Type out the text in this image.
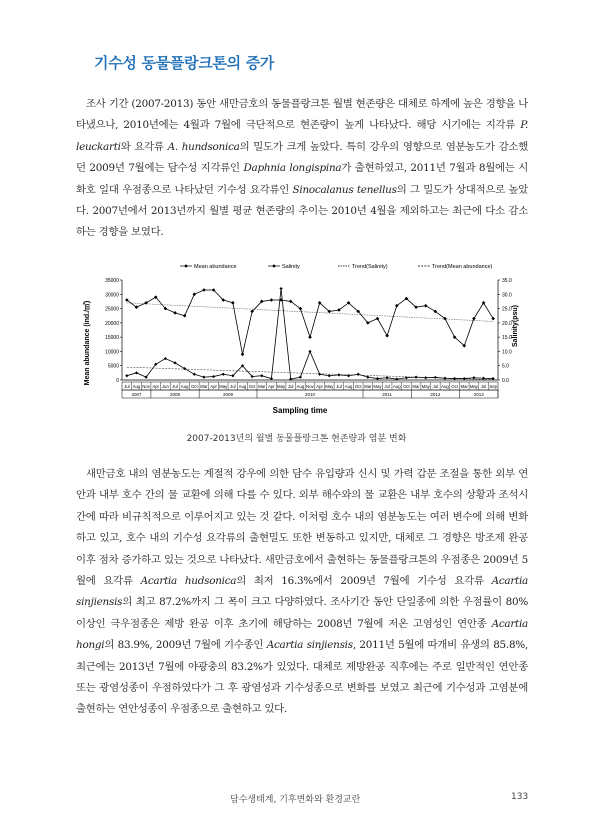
기수성 동물플랑크톤의 증가

조사 기간 (2007-2013) 동안 새만금호의 동물플랑크톤 월별 현존량은 대체로 하계에 높은 경향을 나타냈으나, 2010년에는 4월과 7월에 극단적으로 현존량이 높게 나타났다. 해당 시기에는 지각류 P. leuckarti와 요각류 A. hundsonica의 밀도가 크게 높았다. 특히 강우의 영향으로 염분농도가 감소했던 2009년 7월에는 담수성 지각류인 Daphnia longispina가 출현하였고, 2011년 7월과 8월에는 시화호 일대 우점종으로 나타났던 기수성 요각류인 Sinocalanus tenellus의 그 밀도가 상대적으로 높았다. 2007년에서 2013년까지 월별 평균 현존량의 추이는 2010년 4월을 제외하고는 최근에 다소 감소하는 경향을 보였다.

Mean abundance	Salinity	Trend(Salinity)	Trend(Mean abundance)
35000
30000
25000
20000
15000
10000
5000
0
35.0
30.0
25.0
20.0
15.0
10.0
5.0
0.0
Jul Aug Nov Apr Jun Jul Aug Oct Mar Apr May Jul Aug Oct Mar Apr May Jul Aug Nov Apr May Jul Aug Oct Mar May Jul Aug Oct Mar May Jul Aug Oct Mar May Jul Sep
2007	2008	2009	2010	2011	2012	2013
Mean abundance (ind./㎥)	Salinity(psu)
Sampling time
2007-2013년의 월별 동물플랑크톤 현존량과 염분 변화

새만금호 내의 염분농도는 계절적 강우에 의한 담수 유입량과 신시 및 가력 갑문 조절을 통한 외부 연안과 내부 호수 간의 물 교환에 의해 다를 수 있다. 외부 해수와의 물 교환은 내부 호수의 상황과 조석시간에 따라 비규칙적으로 이루어지고 있는 것 같다. 이처럼 호수 내의 염분농도는 여러 변수에 의해 변화하고 있고, 호수 내의 기수성 요각류의 출현밀도 또한 변동하고 있지만, 대체로 그 경향은 방조제 완공 이후 점차 증가하고 있는 것으로 나타났다. 새만금호에서 출현하는 동물플랑크톤의 우점종은 2009년 5월에 요각류 Acartia hudsonica의 최저 16.3%에서 2009년 7월에 기수성 요각류 Acartia sinjiensis의 최고 87.2%까지 그 폭이 크고 다양하였다. 조사기간 동안 단일종에 의한 우점률이 80% 이상인 극우점종은 제방 완공 이후 초기에 해당하는 2008년 7월에 저온 고염성인 연안종 Acartia hongi의 83.9%, 2009년 7월에 기수종인 Acartia sinjiensis, 2011년 5월에 따개비 유생의 85.8%, 최근에는 2013년 7월에 야광충의 83.2%가 있었다. 대체로 제방완공 직후에는 주로 일반적인 연안종 또는 광염성종이 우점하였다가 그 후 광염성과 기수성종으로 변화를 보였고 최근에 기수성과 고염분에 출현하는 연안성종이 우점종으로 출현하고 있다.

담수생태계, 기후변화와 환경교란	133
